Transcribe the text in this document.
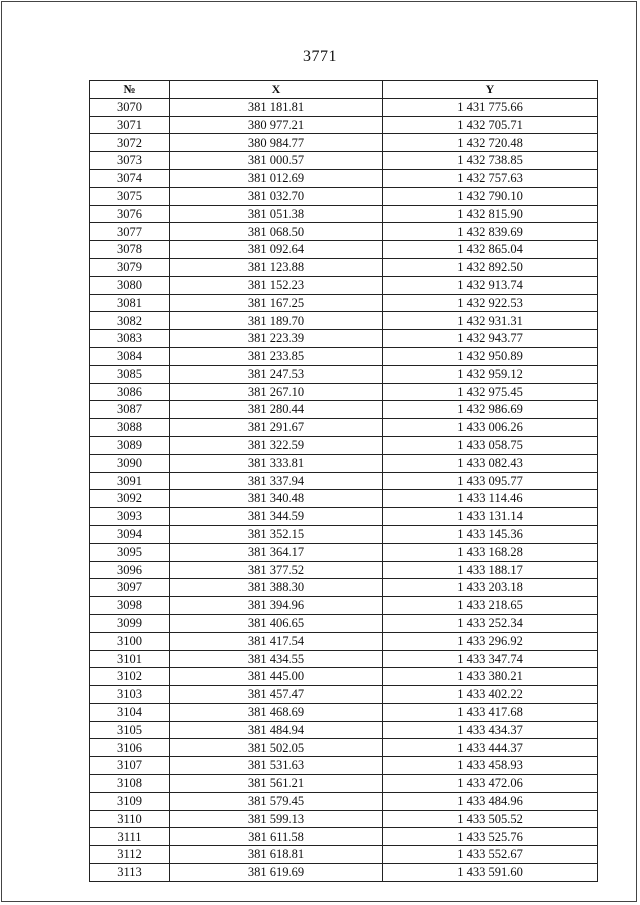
3771
№	X	Y
3070	381 181.81	1 431 775.66
3071	380 977.21	1 432 705.71
3072	380 984.77	1 432 720.48
3073	381 000.57	1 432 738.85
3074	381 012.69	1 432 757.63
3075	381 032.70	1 432 790.10
3076	381 051.38	1 432 815.90
3077	381 068.50	1 432 839.69
3078	381 092.64	1 432 865.04
3079	381 123.88	1 432 892.50
3080	381 152.23	1 432 913.74
3081	381 167.25	1 432 922.53
3082	381 189.70	1 432 931.31
3083	381 223.39	1 432 943.77
3084	381 233.85	1 432 950.89
3085	381 247.53	1 432 959.12
3086	381 267.10	1 432 975.45
3087	381 280.44	1 432 986.69
3088	381 291.67	1 433 006.26
3089	381 322.59	1 433 058.75
3090	381 333.81	1 433 082.43
3091	381 337.94	1 433 095.77
3092	381 340.48	1 433 114.46
3093	381 344.59	1 433 131.14
3094	381 352.15	1 433 145.36
3095	381 364.17	1 433 168.28
3096	381 377.52	1 433 188.17
3097	381 388.30	1 433 203.18
3098	381 394.96	1 433 218.65
3099	381 406.65	1 433 252.34
3100	381 417.54	1 433 296.92
3101	381 434.55	1 433 347.74
3102	381 445.00	1 433 380.21
3103	381 457.47	1 433 402.22
3104	381 468.69	1 433 417.68
3105	381 484.94	1 433 434.37
3106	381 502.05	1 433 444.37
3107	381 531.63	1 433 458.93
3108	381 561.21	1 433 472.06
3109	381 579.45	1 433 484.96
3110	381 599.13	1 433 505.52
3111	381 611.58	1 433 525.76
3112	381 618.81	1 433 552.67
3113	381 619.69	1 433 591.60
